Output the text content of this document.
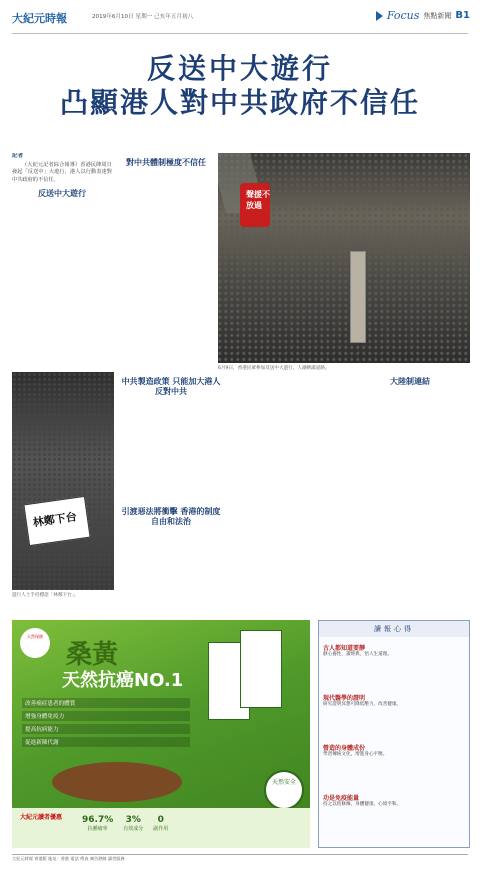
大紀元時報	2019年6月10日 星期一 己亥年五月初八	Focus 焦點新聞 B1
反送中大遊行
凸顯港人對中共政府不信任
記者

（大紀元記者綜合報導）香港民陣周日發起「反送中」大遊行，港人以行動表達對中共政府的不信任。

反送中大遊行
對中共體制極度不信任
聲援不放過
6月9日，香港民眾參加反送中大遊行，人潮擠滿道路。
林鄭下台
遊行人士手持標語「林鄭下台」。
中共製造政策 只能加大港人反對中共
引渡惡法將衝擊 香港的制度自由和法治
大陸制連結
天然保健
桑黃
天然抗癌NO.1
改善癌症患者的體質
增強身體免疫力
提高抗病能力
促進新陳代謝
天然安全
大紀元讀者優惠 96.7%
抗腫瘤率
3%
有效成分
0
副作用
讀報心得
古人都知道要靜
靜心養性，讀經典，悟人生道理。
現代醫學的證明
研究證明冥想可降低壓力、改善健康。
營造的身體成份
學習傳統文化，增進身心平衡。
功是免疫能量
持之以恆修煉，身體健康、心境平和。
大紀元時報 香港版 地址：香港 電話 傳真 廣告熱線 讀者服務
